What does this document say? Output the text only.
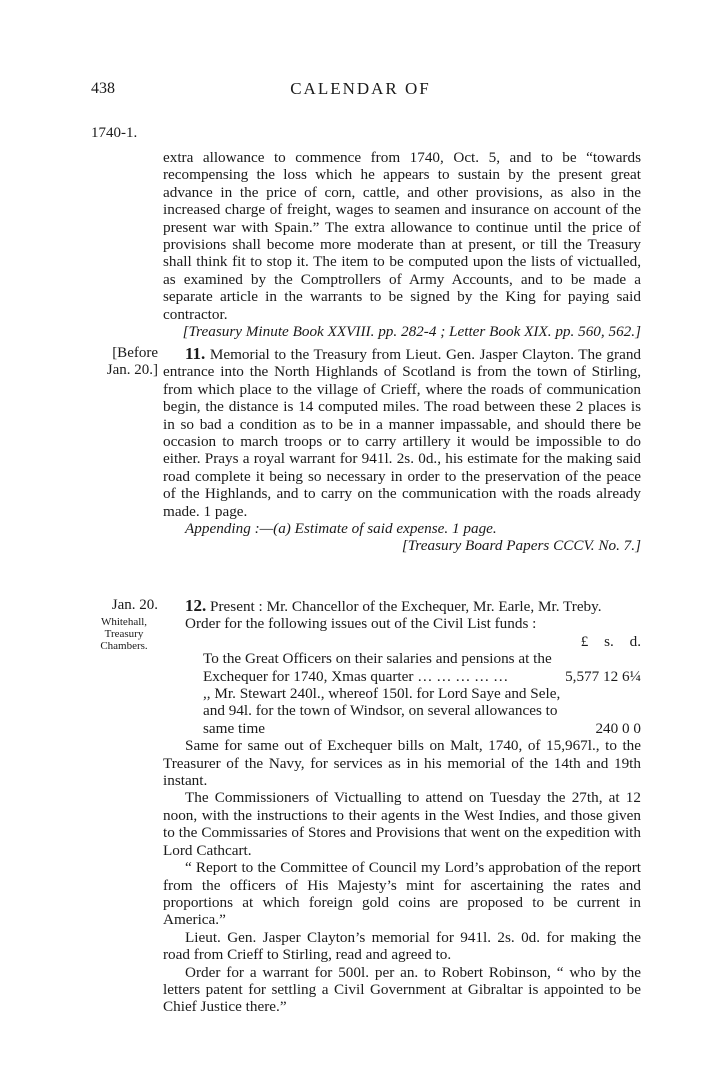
438	CALENDAR OF
1740-1.

extra allowance to commence from 1740, Oct. 5, and to be “towards recompensing the loss which he appears to sustain by the present great advance in the price of corn, cattle, and other provisions, as also in the increased charge of freight, wages to seamen and insurance on account of the present war with Spain.” The extra allowance to continue until the price of provisions shall become more moderate than at present, or till the Treasury shall think fit to stop it. The item to be computed upon the lists of victualled, as examined by the Comptrollers of Army Accounts, and to be made a separate article in the warrants to be signed by the King for paying said contractor.

[Treasury Minute Book XXVIII. pp. 282-4 ; Letter Book XIX. pp. 560, 562.]

[Before Jan. 20.]

11. Memorial to the Treasury from Lieut. Gen. Jasper Clayton. The grand entrance into the North Highlands of Scotland is from the town of Stirling, from which place to the village of Crieff, where the roads of communication begin, the distance is 14 computed miles. The road between these 2 places is in so bad a condition as to be in a manner impassable, and should there be occasion to march troops or to carry artillery it would be impossible to do either. Prays a royal warrant for 941l. 2s. 0d., his estimate for the making said road complete it being so necessary in order to the preservation of the peace of the Highlands, and to carry on the communication with the roads already made. 1 page.

Appending :—(a) Estimate of said expense. 1 page.

[Treasury Board Papers CCCV. No. 7.]

Jan. 20.
Whitehall,
Treasury
Chambers.

12. Present : Mr. Chancellor of the Exchequer, Mr. Earle, Mr. Treby.

Order for the following issues out of the Civil List funds :

£ s. d.
To the Great Officers on their salaries and pensions at the Exchequer for 1740, Xmas quarter … … … … …	5,577 12 6¼
,, Mr. Stewart 240l., whereof 150l. for Lord Saye and Sele, and 94l. for the town of Windsor, on several allowances to same time	240 0 0

Same for same out of Exchequer bills on Malt, 1740, of 15,967l., to the Treasurer of the Navy, for services as in his memorial of the 14th and 19th instant.

The Commissioners of Victualling to attend on Tuesday the 27th, at 12 noon, with the instructions to their agents in the West Indies, and those given to the Commissaries of Stores and Provisions that went on the expedition with Lord Cathcart.

“ Report to the Committee of Council my Lord’s approbation of the report from the officers of His Majesty’s mint for ascertaining the rates and proportions at which foreign gold coins are proposed to be current in America.”

Lieut. Gen. Jasper Clayton’s memorial for 941l. 2s. 0d. for making the road from Crieff to Stirling, read and agreed to.

Order for a warrant for 500l. per an. to Robert Robinson, “ who by the letters patent for settling a Civil Government at Gibraltar is appointed to be Chief Justice there.”
